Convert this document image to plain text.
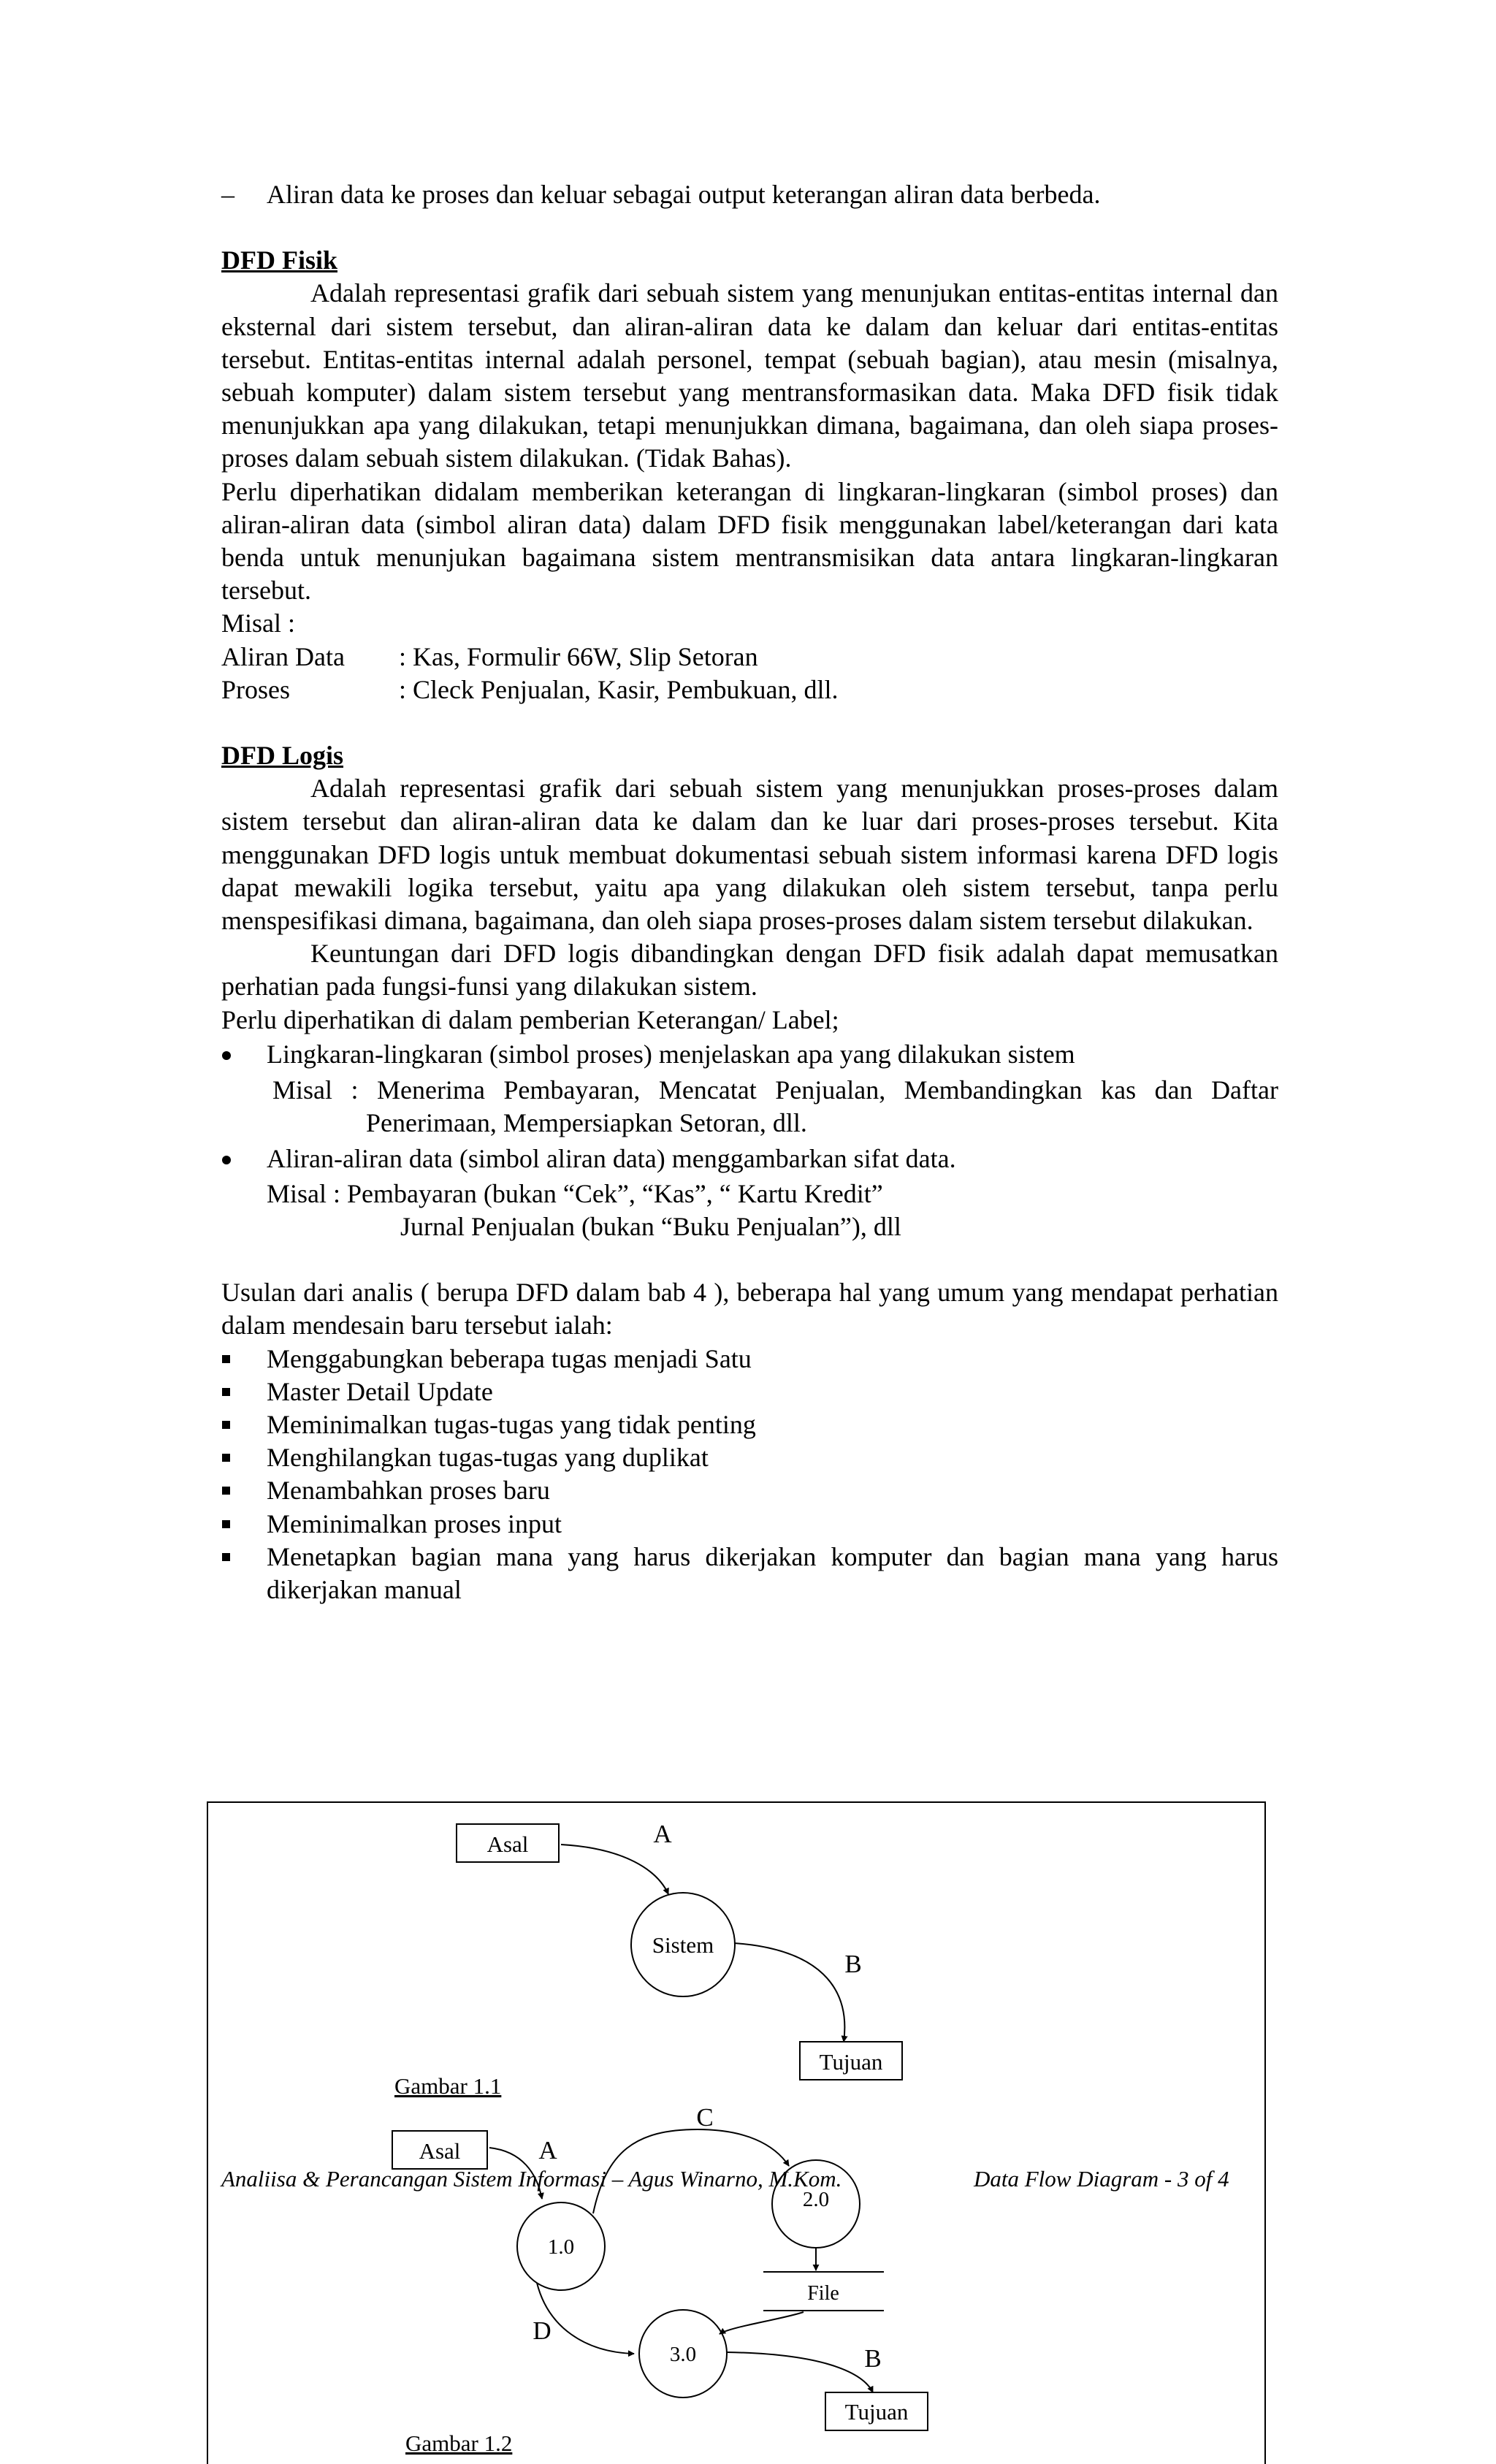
– Aliran data ke proses dan keluar sebagai output keterangan aliran data berbeda.

DFD Fisik

Adalah representasi grafik dari sebuah sistem yang menunjukan entitas-entitas internal dan eksternal dari sistem tersebut, dan aliran-aliran data ke dalam dan keluar dari entitas-entitas tersebut. Entitas-entitas internal adalah personel, tempat (sebuah bagian), atau mesin (misalnya, sebuah komputer) dalam sistem tersebut yang mentransformasikan data. Maka DFD fisik tidak menunjukkan apa yang dilakukan, tetapi menunjukkan dimana, bagaimana, dan oleh siapa proses-proses dalam sebuah sistem dilakukan. (Tidak Bahas).

Perlu diperhatikan didalam memberikan keterangan di lingkaran-lingkaran (simbol proses) dan aliran-aliran data (simbol aliran data) dalam DFD fisik menggunakan label/keterangan dari kata benda untuk menunjukan bagaimana sistem mentransmisikan data antara lingkaran-lingkaran tersebut.

Misal :

Aliran Data	: Kas, Formulir 66W, Slip Setoran
Proses	: Cleck Penjualan, Kasir, Pembukuan, dll.

DFD Logis

Adalah representasi grafik dari sebuah sistem yang menunjukkan proses-proses dalam sistem tersebut dan aliran-aliran data ke dalam dan ke luar dari proses-proses tersebut. Kita menggunakan DFD logis untuk membuat dokumentasi sebuah sistem informasi karena DFD logis dapat mewakili logika tersebut, yaitu apa yang dilakukan oleh sistem tersebut, tanpa perlu menspesifikasi dimana, bagaimana, dan oleh siapa proses-proses dalam sistem tersebut dilakukan.

Keuntungan dari DFD logis dibandingkan dengan DFD fisik adalah dapat memusatkan perhatian pada fungsi-funsi yang dilakukan sistem.

Perlu diperhatikan di dalam pemberian Keterangan/ Label;

Lingkaran-lingkaran (simbol proses) menjelaskan apa yang dilakukan sistem

Misal : Menerima Pembayaran, Mencatat Penjualan, Membandingkan kas dan Daftar Penerimaan, Mempersiapkan Setoran, dll.

Aliran-aliran data (simbol aliran data) menggambarkan sifat data.

Misal : Pembayaran (bukan “Cek”, “Kas”, “ Kartu Kredit”

Jurnal Penjualan (bukan “Buku Penjualan”), dll

Usulan dari analis ( berupa DFD dalam bab 4 ), beberapa hal yang umum yang mendapat perhatian dalam mendesain baru tersebut ialah:

Menggabungkan beberapa tugas menjadi Satu
Master Detail Update
Meminimalkan tugas-tugas yang tidak penting
Menghilangkan tugas-tugas yang duplikat
Menambahkan proses baru
Meminimalkan proses input
Menetapkan bagian mana yang harus dikerjakan komputer dan bagian mana yang harus dikerjakan manual
Asal	A
Sistem
B
Tujuan
Gambar 1.1
Asal	A
C
1.0
2.0
File
D
3.0	B
Tujuan
Gambar 1.2
Analiisa & Perancangan Sistem Informasi – Agus Winarno, M.Kom.	Data Flow Diagram - 3 of 4
